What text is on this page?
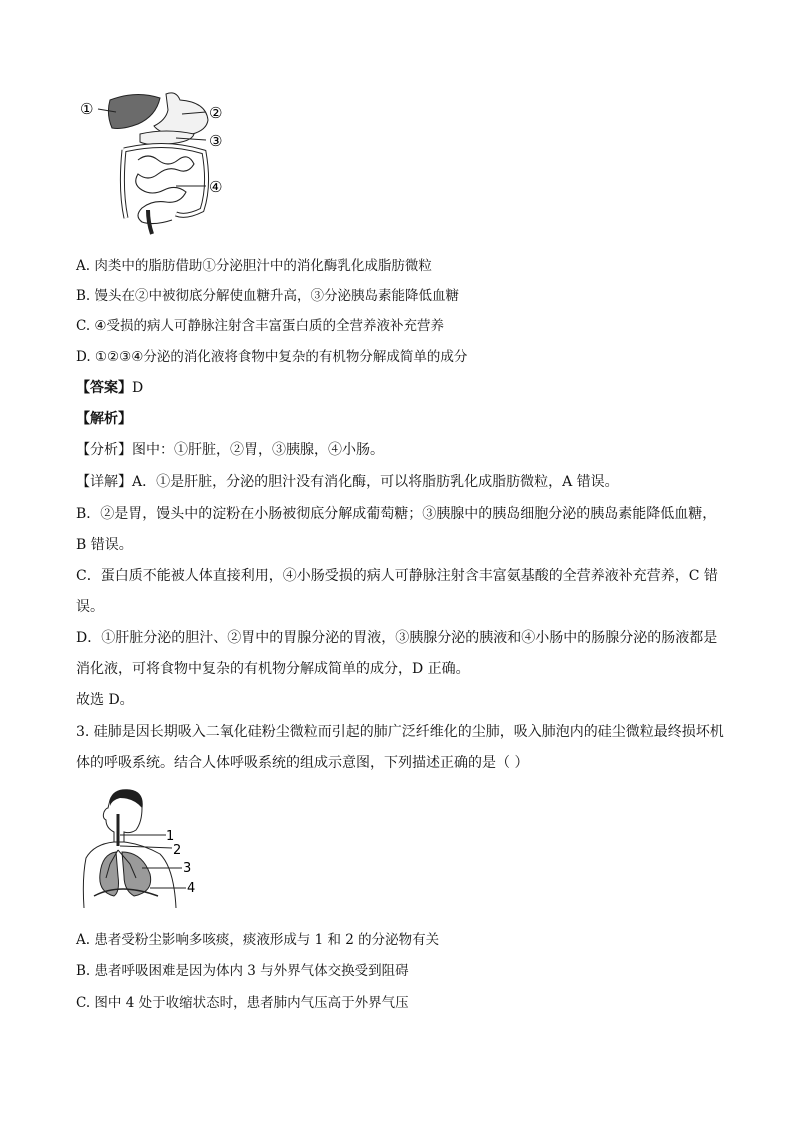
①	②
③
④
A. 肉类中的脂肪借助①分泌胆汁中的消化酶乳化成脂肪微粒
B. 馒头在②中被彻底分解使血糖升高，③分泌胰岛素能降低血糖
C. ④受损的病人可静脉注射含丰富蛋白质的全营养液补充营养
D. ①②③④分泌的消化液将食物中复杂的有机物分解成简单的成分
【答案】D
【解析】
【分析】图中：①肝脏，②胃，③胰腺，④小肠。
【详解】A．①是肝脏，分泌的胆汁没有消化酶，可以将脂肪乳化成脂肪微粒，A 错误。
B．②是胃，馒头中的淀粉在小肠被彻底分解成葡萄糖；③胰腺中的胰岛细胞分泌的胰岛素能降低血糖，
B 错误。
C．蛋白质不能被人体直接利用，④小肠受损的病人可静脉注射含丰富氨基酸的全营养液补充营养，C 错
误。
D．①肝脏分泌的胆汁、②胃中的胃腺分泌的胃液，③胰腺分泌的胰液和④小肠中的肠腺分泌的肠液都是
消化液，可将食物中复杂的有机物分解成简单的成分，D 正确。
故选 D。
3. 硅肺是因长期吸入二氧化硅粉尘微粒而引起的肺广泛纤维化的尘肺，吸入肺泡内的硅尘微粒最终损坏机
体的呼吸系统。结合人体呼吸系统的组成示意图，下列描述正确的是（ ）
1
2
3
4
A. 患者受粉尘影响多咳痰，痰液形成与 1 和 2 的分泌物有关
B. 患者呼吸困难是因为体内 3 与外界气体交换受到阻碍
C. 图中 4 处于收缩状态时，患者肺内气压高于外界气压
